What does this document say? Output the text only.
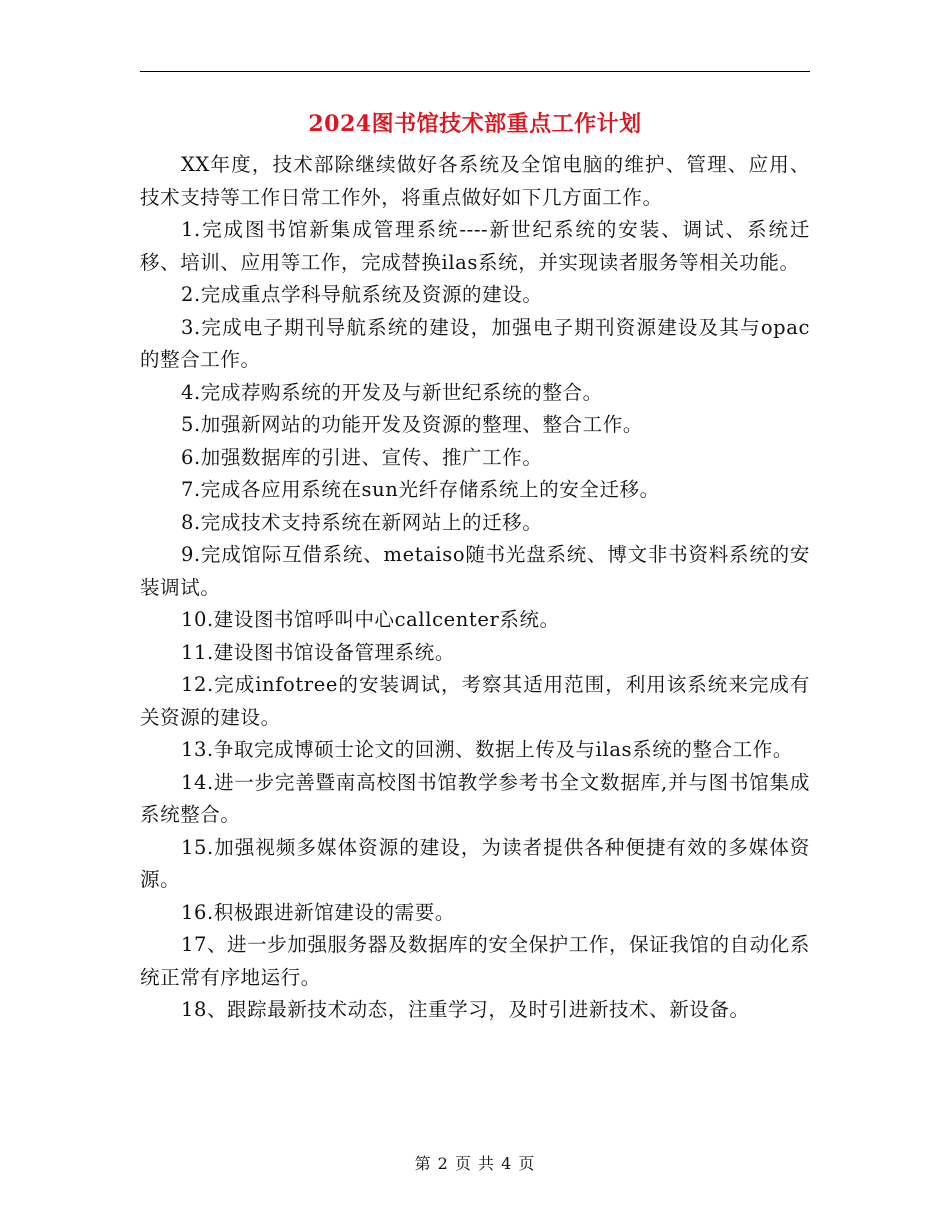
2024图书馆技术部重点工作计划

XX年度，技术部除继续做好各系统及全馆电脑的维护、管理、应用、技术支持等工作日常工作外，将重点做好如下几方面工作。

1.完成图书馆新集成管理系统----新世纪系统的安装、调试、系统迁移、培训、应用等工作，完成替换ilas系统，并实现读者服务等相关功能。

2.完成重点学科导航系统及资源的建设。

3.完成电子期刊导航系统的建设，加强电子期刊资源建设及其与opac的整合工作。

4.完成荐购系统的开发及与新世纪系统的整合。

5.加强新网站的功能开发及资源的整理、整合工作。

6.加强数据库的引进、宣传、推广工作。

7.完成各应用系统在sun光纤存储系统上的安全迁移。

8.完成技术支持系统在新网站上的迁移。

9.完成馆际互借系统、metaiso随书光盘系统、博文非书资料系统的安装调试。

10.建设图书馆呼叫中心callcenter系统。

11.建设图书馆设备管理系统。

12.完成infotree的安装调试，考察其适用范围，利用该系统来完成有关资源的建设。

13.争取完成博硕士论文的回溯、数据上传及与ilas系统的整合工作。

14.进一步完善暨南高校图书馆教学参考书全文数据库,并与图书馆集成系统整合。

15.加强视频多媒体资源的建设，为读者提供各种便捷有效的多媒体资源。

16.积极跟进新馆建设的需要。

17、进一步加强服务器及数据库的安全保护工作，保证我馆的自动化系统正常有序地运行。

18、跟踪最新技术动态，注重学习，及时引进新技术、新设备。

第 2 页 共 4 页
